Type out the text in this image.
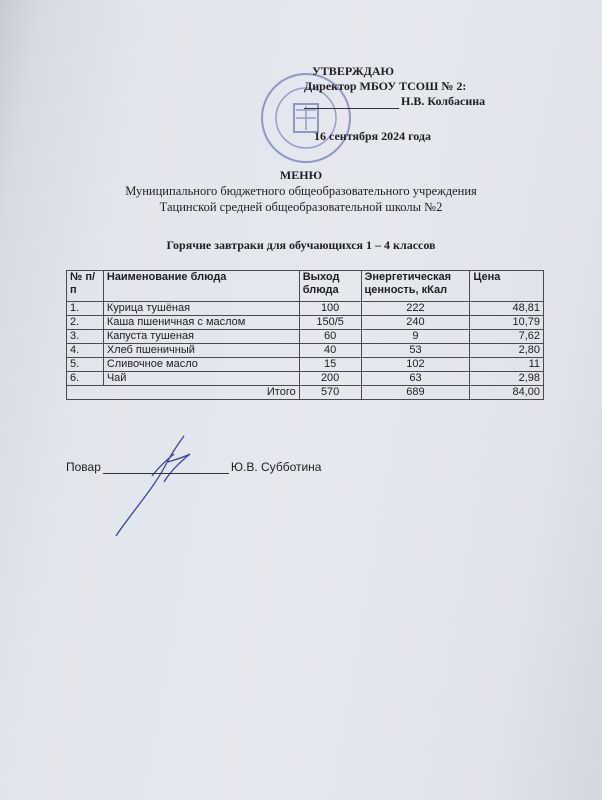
УТВЕРЖДАЮ
Директор МБОУ ТСОШ № 2:
Н.В. Колбасина
16 сентября 2024 года
МЕНЮ
Муниципального бюджетного общеобразовательного учреждения
Тацинской средней общеобразовательной школы №2
Горячие завтраки для обучающихся 1 – 4 классов
№ п/п	Наименование блюда	Выход блюда	Энергетическая ценность, кКал	Цена
1.	Курица тушёная	100	222	48,81
2.	Каша пшеничная с маслом	150/5	240	10,79
3.	Капуста тушеная	60	9	7,62
4.	Хлеб пшеничный	40	53	2,80
5.	Сливочное масло	15	102	11
6.	Чай	200	63	2,98
Итого		570	689	84,00
Повар	Ю.В. Субботина
